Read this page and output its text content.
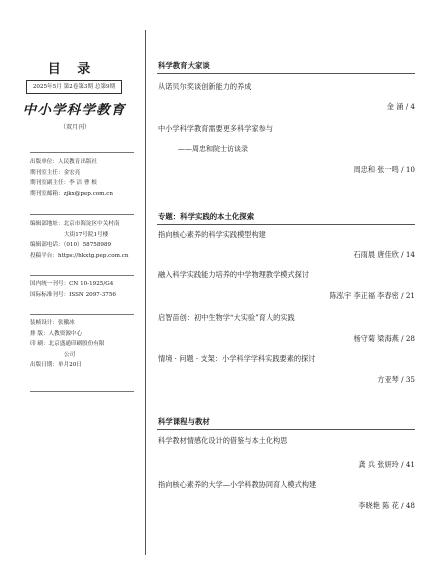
目 录
2025年5月 第2卷第3期 总第9期
中小学科学教育
（双月刊）
出版单位：人民教育出版社
期刊室主任：金宏亮
期刊室副主任：李 洁 曹 根
期刊室邮箱：zjkx@pep.com.cn
编辑部地址：北京市海淀区中关村南

大街17号院1号楼
编辑部电话：（010）58758989
投稿平台：https://hkxtg.pep.com.cn
国内统一刊号：CN 10-1925/G4
国际标准刊号：ISSN 2097-3756
装帧设计：张徽冰
排 版：人教资源中心
印 刷：北京盛通印刷股份有限

公司
出版日期：单月20日
科学教育大家谈
从诺贝尔奖谈创新能力的养成
金 涌 / 4
中小学科学教育需要更多科学家参与
——周忠和院士访谈录
周忠和 张一鸣 / 10
专题：科学实践的本土化探索
指向核心素养的科学实践模型构建
石雨晨 唐佳欣 / 14
融入科学实践能力培养的中学物理教学模式探讨
陈泓宇 李正福 李春密 / 21
启智苗创：初中生物学“大实验”育人的实践
杨守菊 梁海燕 / 28
情境 · 问题 · 支架：小学科学学科实践要素的探讨
方亚琴 / 35
科学课程与教材
科学教材情感化设计的借鉴与本土化构思
龚 兵 张妍玲 / 41
指向核心素养的大学—小学科教协同育人模式构建
李晓艳 陈 花 / 48
